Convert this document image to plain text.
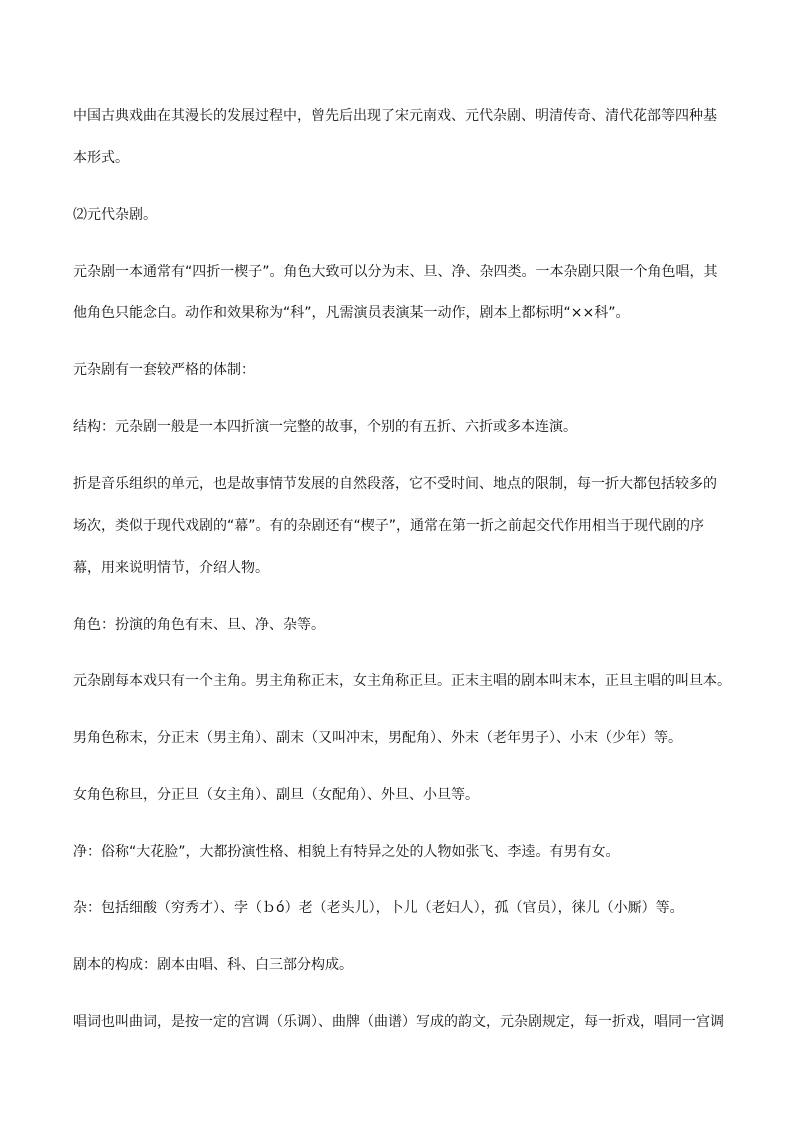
中国古典戏曲在其漫长的发展过程中，曾先后出现了宋元南戏、元代杂剧、明清传奇、清代花部等四种基
本形式。
⑵元代杂剧。
元杂剧一本通常有“四折一楔子”。角色大致可以分为末、旦、净、杂四类。一本杂剧只限一个角色唱，其
他角色只能念白。动作和效果称为“科”，凡需演员表演某一动作，剧本上都标明“××科”。
元杂剧有一套较严格的体制：
结构：元杂剧一般是一本四折演一完整的故事，个别的有五折、六折或多本连演。
折是音乐组织的单元，也是故事情节发展的自然段落，它不受时间、地点的限制，每一折大都包括较多的
场次，类似于现代戏剧的“幕”。有的杂剧还有“楔子”，通常在第一折之前起交代作用相当于现代剧的序
幕，用来说明情节，介绍人物。
角色：扮演的角色有末、旦、净、杂等。
元杂剧每本戏只有一个主角。男主角称正末，女主角称正旦。正末主唱的剧本叫末本，正旦主唱的叫旦本。
男角色称末，分正末（男主角）、副末（又叫冲末，男配角）、外末（老年男子）、小末（少年）等。
女角色称旦，分正旦（女主角）、副旦（女配角）、外旦、小旦等。
净：俗称“大花脸”，大都扮演性格、相貌上有特异之处的人物如张飞、李逵。有男有女。
杂：包括细酸（穷秀才）、孛（ｂó）老（老头儿），卜儿（老妇人），孤（官员），徕儿（小厮）等。
剧本的构成：剧本由唱、科、白三部分构成。
唱词也叫曲词，是按一定的宫调（乐调）、曲牌（曲谱）写成的韵文，元杂剧规定，每一折戏，唱同一宫调
